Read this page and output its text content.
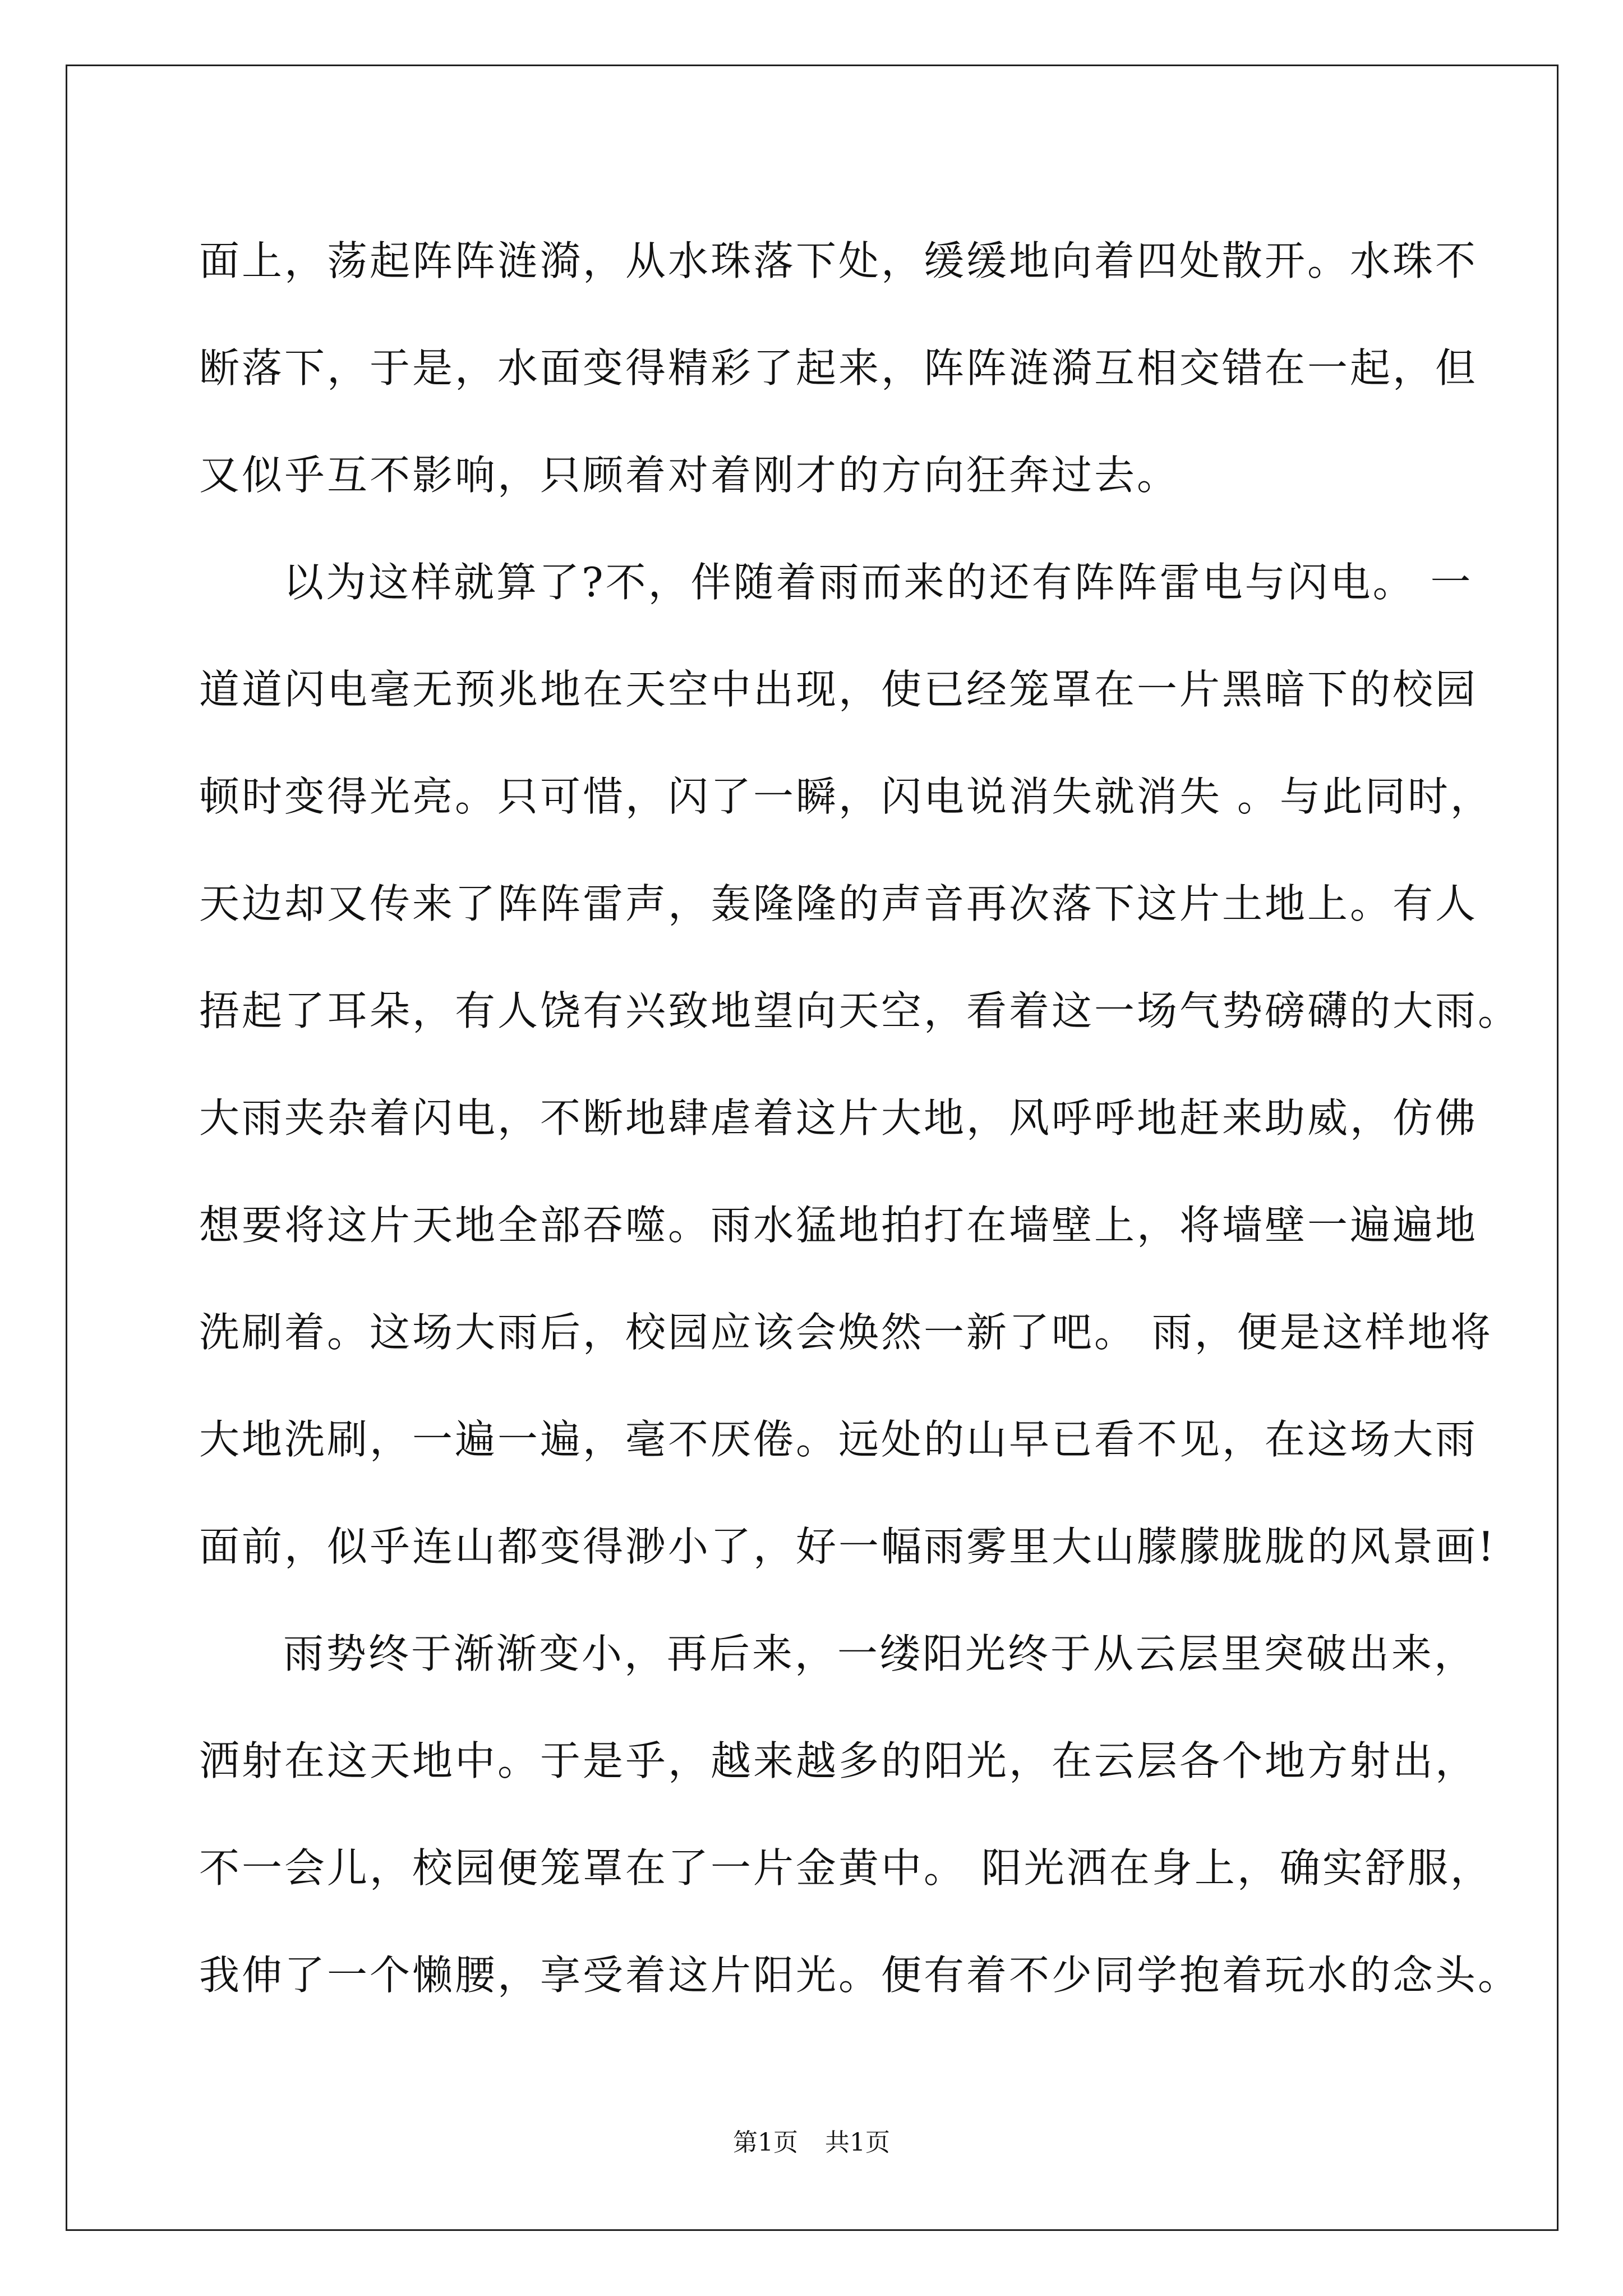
面上，荡起阵阵涟漪，从水珠落下处，缓缓地向着四处散开。水珠不
断落下，于是，水面变得精彩了起来，阵阵涟漪互相交错在一起，但
又似乎互不影响，只顾着对着刚才的方向狂奔过去。
以为这样就算了?不，伴随着雨而来的还有阵阵雷电与闪电。 一
道道闪电毫无预兆地在天空中出现，使已经笼罩在一片黑暗下的校园
顿时变得光亮。只可惜，闪了一瞬，闪电说消失就消失 。与此同时，
天边却又传来了阵阵雷声，轰隆隆的声音再次落下这片土地上。有人
捂起了耳朵，有人饶有兴致地望向天空，看着这一场气势磅礴的大雨。
大雨夹杂着闪电，不断地肆虐着这片大地，风呼呼地赶来助威，仿佛
想要将这片天地全部吞噬。雨水猛地拍打在墙壁上，将墙壁一遍遍地
洗刷着。这场大雨后，校园应该会焕然一新了吧。 雨，便是这样地将
大地洗刷，一遍一遍，毫不厌倦。远处的山早已看不见，在这场大雨
面前，似乎连山都变得渺小了，好一幅雨雾里大山朦朦胧胧的风景画!
雨势终于渐渐变小，再后来，一缕阳光终于从云层里突破出来，
洒射在这天地中。于是乎，越来越多的阳光，在云层各个地方射出，
不一会儿，校园便笼罩在了一片金黄中。 阳光洒在身上，确实舒服，
我伸了一个懒腰，享受着这片阳光。便有着不少同学抱着玩水的念头。
第1页 共1页
